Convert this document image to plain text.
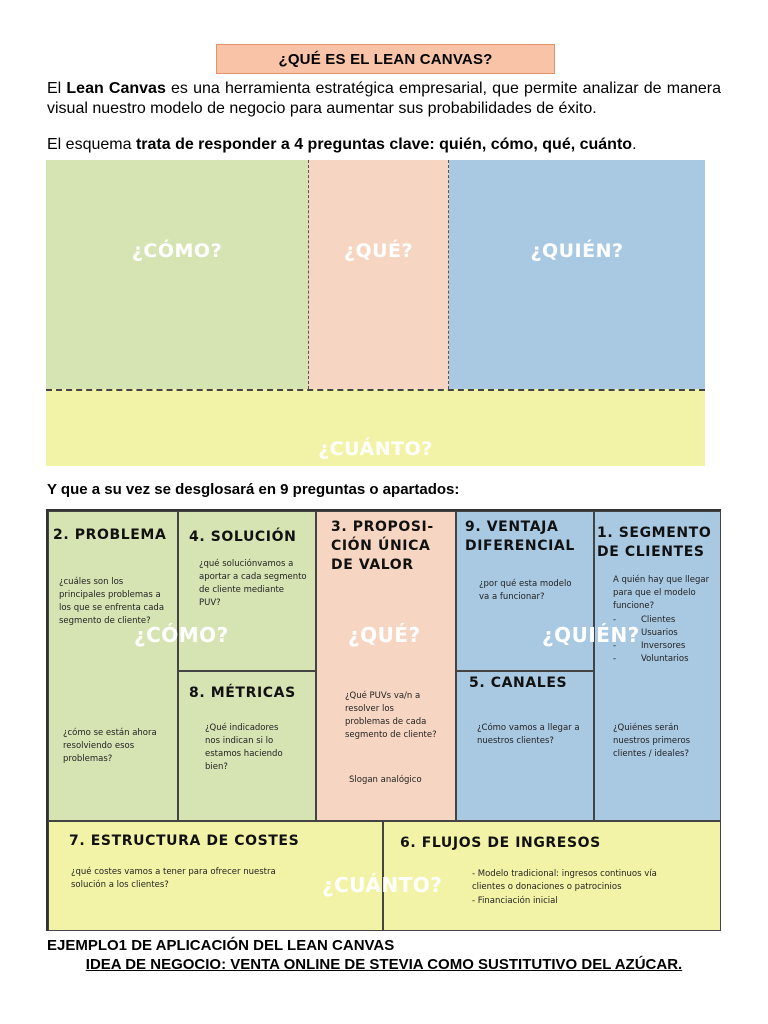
¿QUÉ ES EL LEAN CANVAS?

El Lean Canvas es una herramienta estratégica empresarial, que permite analizar de manera visual nuestro modelo de negocio para aumentar sus probabilidades de éxito.

El esquema trata de responder a 4 preguntas clave: quién, cómo, qué, cuánto.

¿CÓMO?	¿QUÉ?	¿QUIÉN?
¿CUÁNTO?
Y que a su vez se desglosará en 9 preguntas o apartados:
2. PROBLEMA
¿cuáles son los principales problemas a los que se enfrenta cada segmento de cliente?
¿cómo se están ahora resolviendo esos problemas?
4. SOLUCIÓN
¿qué soluciónvamos a aportar a cada segmento de cliente mediante PUV?
8. MÉTRICAS
¿Qué indicadores nos indican si lo estamos haciendo bien?
3. PROPOSI-CIÓN ÚNICA DE VALOR
¿Qué PUVs va/n a resolver los problemas de cada segmento de cliente?
Slogan analógico
9. VENTAJA DIFERENCIAL
¿por qué esta modelo va a funcionar?
5. CANALES
¿Cómo vamos a llegar a nuestros clientes?
1. SEGMENTO DE CLIENTES
A quién hay que llegar para que el modelo funcione?
- Clientes
- Usuarios
- Inversores
- Voluntarios
¿Quiénes serán nuestros primeros clientes / ideales?
7. ESTRUCTURA DE COSTES
¿qué costes vamos a tener para ofrecer nuestra solución a los clientes?
6. FLUJOS DE INGRESOS
- Modelo tradicional: ingresos continuos vía clientes o donaciones o patrocinios
- Financiación inicial
¿CÓMO?	¿QUÉ?	¿QUIÉN?
¿CUÁNTO?
EJEMPLO1 DE APLICACIÓN DEL LEAN CANVAS
IDEA DE NEGOCIO: VENTA ONLINE DE STEVIA COMO SUSTITUTIVO DEL AZÚCAR.
